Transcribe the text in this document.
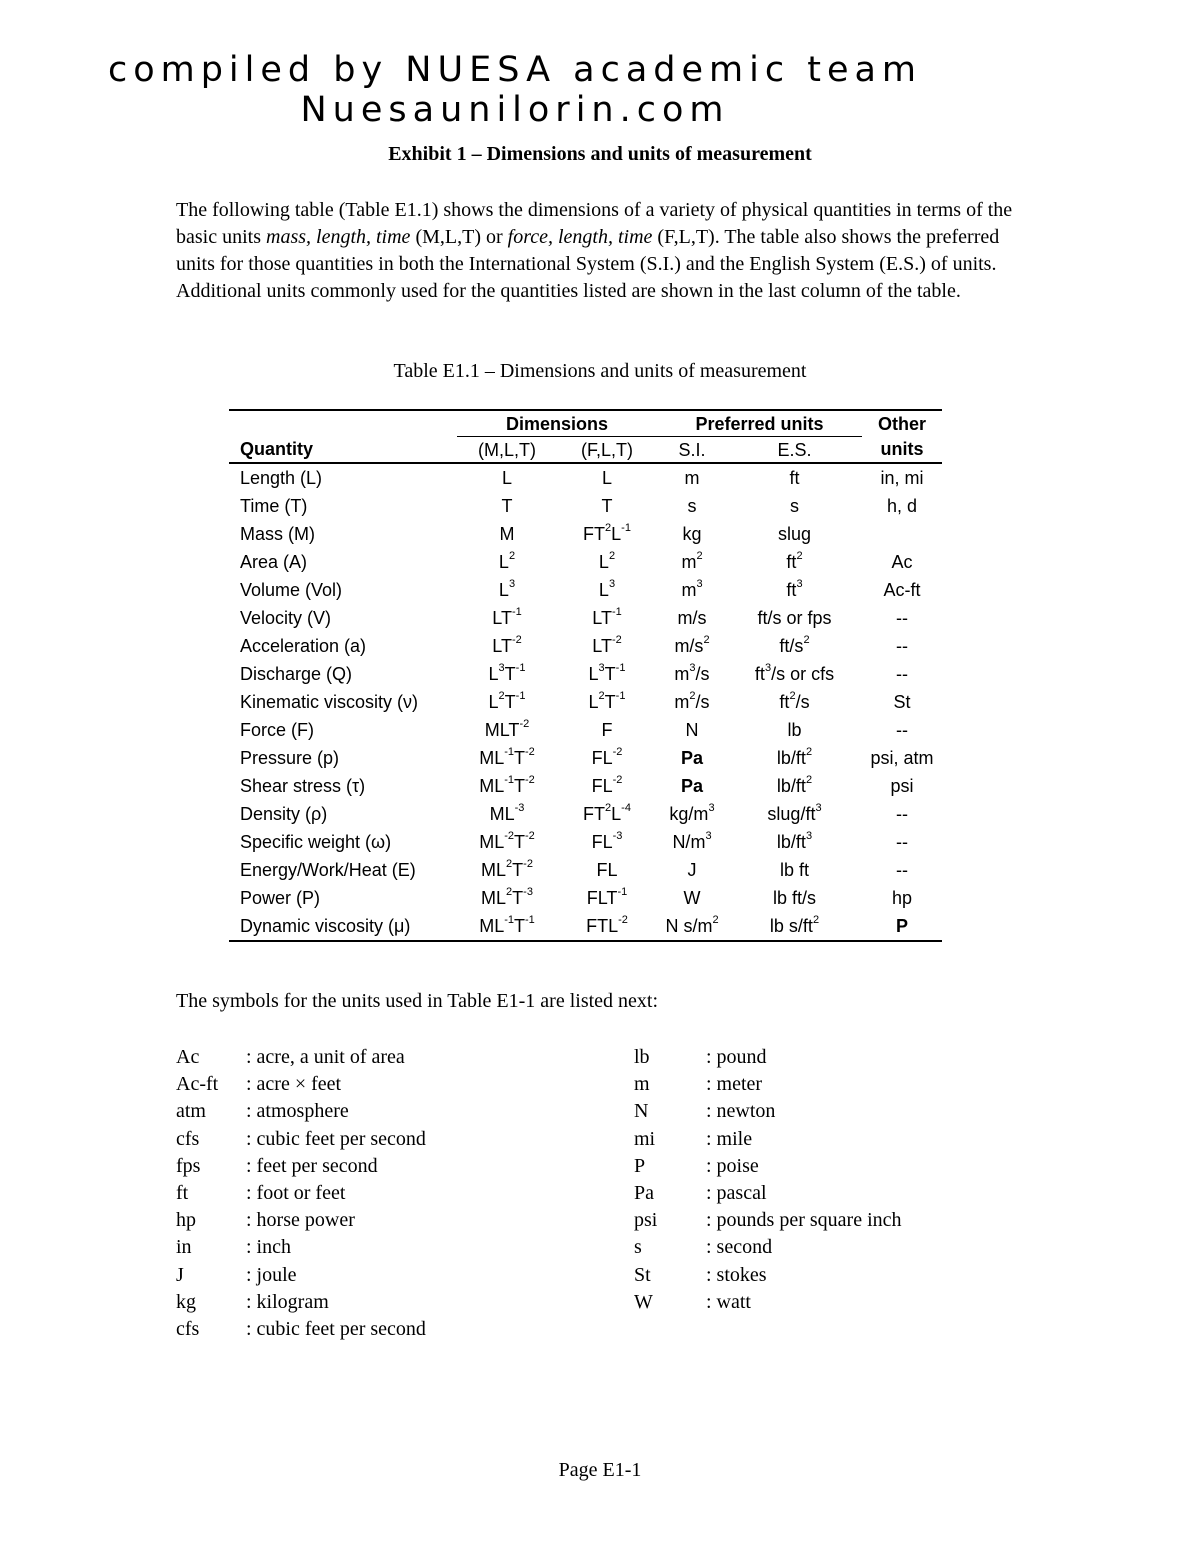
compiled by NUESA academic team
Nuesaunilorin.com
Exhibit 1 – Dimensions and units of measurement

The following table (Table E1.1) shows the dimensions of a variety of physical quantities in terms of the basic units mass, length, time (M,L,T) or force, length, time (F,L,T). The table also shows the preferred units for those quantities in both the International System (S.I.) and the English System (E.S.) of units. Additional units commonly used for the quantities listed are shown in the last column of the table.

Table E1.1 – Dimensions and units of measurement
	Dimensions		Preferred units		Other
Quantity	(M,L,T)	(F,L,T)	S.I.	E.S.	units
Length (L)	L	L	m	ft	in, mi
Time (T)	T	T	s	s	h, d
Mass (M)	M	$FT^2L^{-1}$	kg	slug	
Area (A)	$L^2$	$L^2$	$m^2$	$ft^2$	Ac
Volume (Vol)	$L^3$	$L^3$	$m^3$	$ft^3$	Ac-ft
Velocity (V)	$LT^{-1}$	$LT^{-1}$	m/s	ft/s or fps	--
Acceleration (a)	$LT^{-2}$	$LT^{-2}$	$m/s^2$	$ft/s^2$	--
Discharge (Q)	$L^3T^{-1}$	$L^3T^{-1}$	$m^3/s$	$ft^3/s$ or cfs	--
Kinematic viscosity (ν)	$L^2T^{-1}$	$L^2T^{-1}$	$m^2/s$	$ft^2/s$	St
Force (F)	$MLT^{-2}$	F	N	lb	--
Pressure (p)	$ML^{-1}T^{-2}$	$FL^{-2}$	Pa	$lb/ft^2$	psi, atm
Shear stress (τ)	$ML^{-1}T^{-2}$	$FL^{-2}$	Pa	$lb/ft^2$	psi
Density (ρ)	$ML^{-3}$	$FT^2L^{-4}$	$kg/m^3$	slug/$ft^3$	--
Specific weight (ω)	$ML^{-2}T^{-2}$	$FL^{-3}$	$N/m^3$	$lb/ft^3$	--
Energy/Work/Heat (E)	$ML^2T^{-2}$	FL	J	lb ft	--
Power (P)	$ML^2T^{-3}$	$FLT^{-1}$	W	lb ft/s	hp
Dynamic viscosity (μ)	$ML^{-1}T^{-1}$	$FTL^{-2}$	N $s/m^2$	lb $s/ft^2$	P
The symbols for the units used in Table E1-1 are listed next:
Ac : acre, a unit of area
Ac-ft : acre × feet
atm : atmosphere
cfs : cubic feet per second
fps : feet per second
ft	: foot or feet
hp	: horse power
in	: inch
J	: joule
kg	: kilogram
cfs : cubic feet per second
lb	: pound
m	: meter
N	: newton
mi	: mile
P	: poise
Pa	: pascal
psi : pounds per square inch
s	: second
St	: stokes
W	: watt
Page E1-1
